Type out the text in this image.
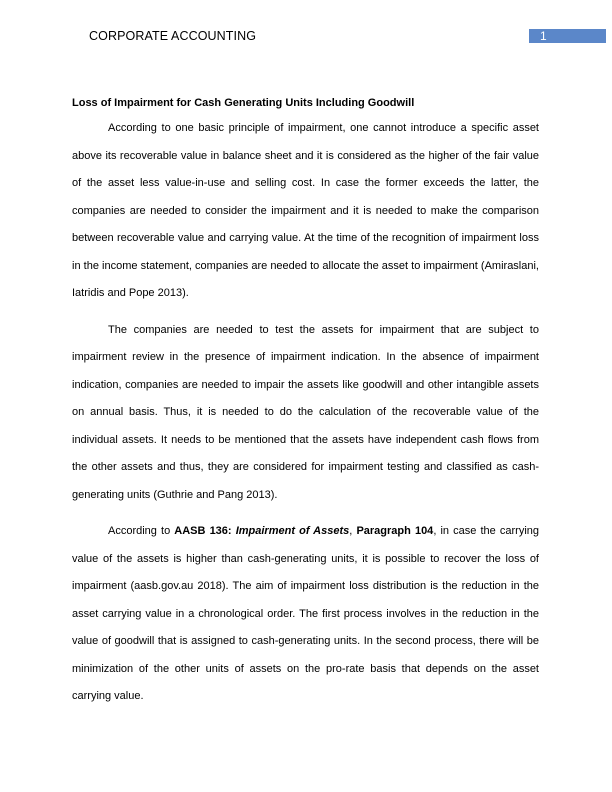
CORPORATE ACCOUNTING	1
Loss of Impairment for Cash Generating Units Including Goodwill

According to one basic principle of impairment, one cannot introduce a specific asset above its recoverable value in balance sheet and it is considered as the higher of the fair value of the asset less value-in-use and selling cost. In case the former exceeds the latter, the companies are needed to consider the impairment and it is needed to make the comparison between recoverable value and carrying value. At the time of the recognition of impairment loss in the income statement, companies are needed to allocate the asset to impairment (Amiraslani, Iatridis and Pope 2013).

The companies are needed to test the assets for impairment that are subject to impairment review in the presence of impairment indication. In the absence of impairment indication, companies are needed to impair the assets like goodwill and other intangible assets on annual basis. Thus, it is needed to do the calculation of the recoverable value of the individual assets. It needs to be mentioned that the assets have independent cash flows from the other assets and thus, they are considered for impairment testing and classified as cash-generating units (Guthrie and Pang 2013).

According to AASB 136: Impairment of Assets, Paragraph 104, in case the carrying value of the assets is higher than cash-generating units, it is possible to recover the loss of impairment (aasb.gov.au 2018). The aim of impairment loss distribution is the reduction in the asset carrying value in a chronological order. The first process involves in the reduction in the value of goodwill that is assigned to cash-generating units. In the second process, there will be minimization of the other units of assets on the pro-rate basis that depends on the asset carrying value.
